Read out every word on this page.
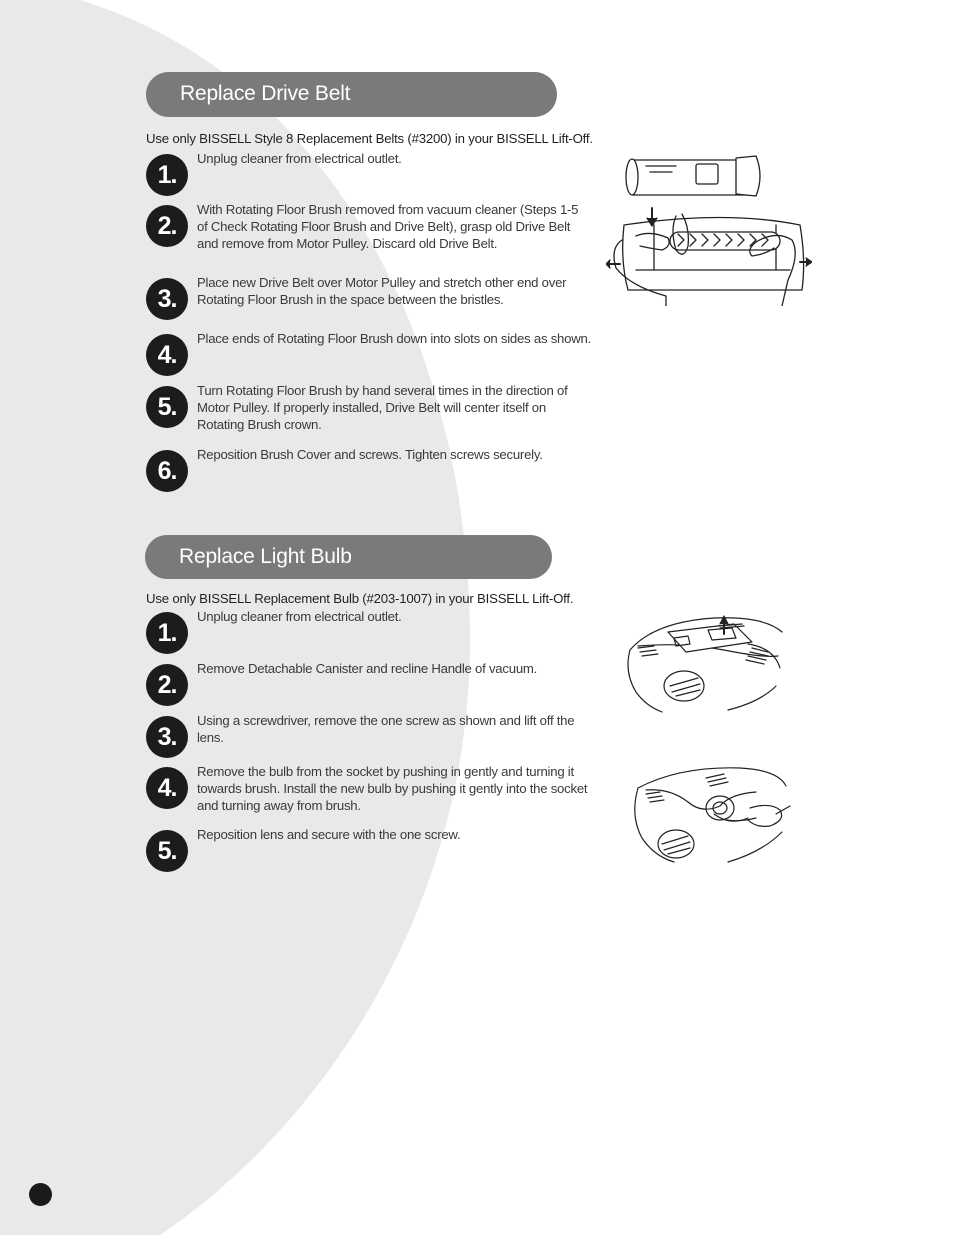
Replace Drive Belt
Use only BISSELL Style 8 Replacement Belts (#3200) in your BISSELL Lift-Off.
1.
Unplug cleaner from electrical outlet.
2.
With Rotating Floor Brush removed from vacuum cleaner (Steps 1-5 of Check Rotating Floor Brush and Drive Belt), grasp old Drive Belt and remove from Motor Pulley. Discard old Drive Belt.
3.
Place new Drive Belt over Motor Pulley and stretch other end over Rotating Floor Brush in the space between the bristles.
4.
Place ends of Rotating Floor Brush down into slots on sides as shown.
5.
Turn Rotating Floor Brush by hand several times in the direction of Motor Pulley. If properly installed, Drive Belt will center itself on Rotating Brush crown.
6.
Reposition Brush Cover and screws. Tighten screws securely.
Replace Light Bulb
Use only BISSELL Replacement Bulb (#203-1007) in your BISSELL Lift-Off.
1.
Unplug cleaner from electrical outlet.
2.
Remove Detachable Canister and recline Handle of vacuum.
3.
Using a screwdriver, remove the one screw as shown and lift off the lens.
4.
Remove the bulb from the socket by pushing in gently and turning it towards brush. Install the new bulb by pushing it gently into the socket and turning away from brush.
5.
Reposition lens and secure with the one screw.
